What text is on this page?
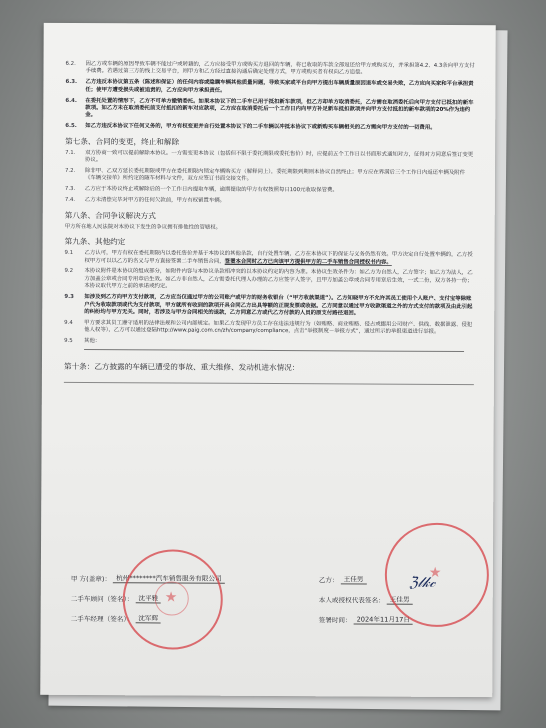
6.2.	因乙方或车辆的原因导致车辆不能过户或转籍的，乙方应接受甲方或购买方退回的车辆，将已收取的车款全部返还给甲方或购买方，并承担第4.2、4.3条向甲方支付手续费。若遇过第三方的线上交易平台，则甲方和乙方经过直接沟通后确定处理方式，甲方或购买者有权向乙方追偿。
6.3.	乙方违反本协议第五条（陈述和保证）的任何内容或隐瞒车辆其他质量问题，导致买家或平台向甲方提出车辆质量原因退车或交易失败，乙方应向买家和平台承担责任；使甲方遭受损失或被追责的，乙方应向甲方承担责任。
6.4.	在委托处置的情形下，乙方不可单方撤销委托。如果本协议下的二手车已用于抵扣新车款项，但乙方却单方取消委托，乙方需在取消委托后向甲方支付已抵扣的新车款项。如乙方未在取消委托前支付抵扣的新车对应款项，乙方应在取消委托后一个工作日内向甲方补足新车抵扣款项并向甲方支付抵扣的新车款项的20%作为违约金。
6.5.	如乙方违反本协议下任何义务的，甲方有权变更并自行处置本协议下的二手车辆以冲抵本协议下或新购买车辆相关的乙方需向甲方支付的一切费用。
第七条、合同的变更，终止和解除
7.1.	双方协商一致可以提前解除本协议。一方需变更本协议（包括但不限于委托期限或委托售价）时，应提前五个工作日以书面形式通知对方，征得对方同意后签订变更协议。
7.2.	除非甲、乙双方延长委托期限或甲方在委托期限内锁定车辆购买方（解释同上），委托期限到期则本协议自然终止；甲方应在界满后三个工作日内返还车辆及附件《车辆交接单》所约定的随车材料与文件，双方应签订书面交接文件。
7.3.	乙方应于本协议终止或解除后的一个工作日内提取车辆，逾期提取的甲方有权按照每日100元收取保管费。
7.4.	乙方未清偿完毕对甲方的任何欠款前，甲方有权留置车辆。
第八条、合同争议解决方式
甲方所在地人民法院对本协议下发生的争议拥有排他性的管辖权。
第九条、其他约定
9.1	乙方认可，甲方有权在委托期限内以委托售价并基于本协议的其他条款，自行处置车辆，乙方在本协议下的保证与义务仍然有效。甲方决定自行处置车辆的，乙方授权甲方可以以乙方的名义与甲方直接签署二手车销售合同，签署本合同时乙方已向该甲方提供甲方的二手车销售合同授权书内容。
9.2	本协议附件是本协议的组成部分，如附件内容与本协议条款相冲突的以本协议约定的内容为准。本协议生效条件为：如乙方为自然人，乙方签字；如乙方为法人，乙方加盖公章或合同专用章后生效。如乙方非自然人，乙方需委托代理人办理的乙方应签字人签字，且甲方加盖公章或合同专用章后生效，一式二份，双方各持一份；本协议取代甲方之前的承诺或约定。
9.3	如涉及到乙方向甲方支付款项，乙方应当仅通过甲方的公司账户或甲方的财务收银台（“甲方收款渠道”）。乙方知晓甲方不允许其员工使用个人账户、支付宝等除账户代为收取款项或代为支付款项，甲方就所有收到的款项开具合同乙方出具等额的正规发票或收据。乙方同意以通过甲方收款渠道之外的方式支付的款项及由此引起的纠纷均与甲方无关。同时，若涉及与甲方合同相关的退款，乙方同意乙方或代乙方付款的人员的原支付路径退回。
9.4	甲方要求其员工遵守适用的法律法规和公司内部规定。如果乙方发现甲方员工存在违法违规行为（如贿赂、商业贿赂、侵占或挪用公司财产、供线、数据泄露、侵犯他人权等），乙方可以通过登陆http://www.paig.com.cn/zh/company/compliance，点击“举报制度－举报方式”，通过所示的举报渠道进行举报。
9.5	其他：
第十条：乙方披露的车辆已遭受的事故、重大维修、发动机进水情况：
甲 方(盖章)： 杭州********汽车销售服务有限公司
二手车顾问（签名）： 沈平雅
二手车经理（签名）： 沈军辉
乙方： 王佳男
本人或授权代表签名： 王佳男
签署时间： 2024年11月17日
★
★
ℨ𝓁𝓀𝒸
